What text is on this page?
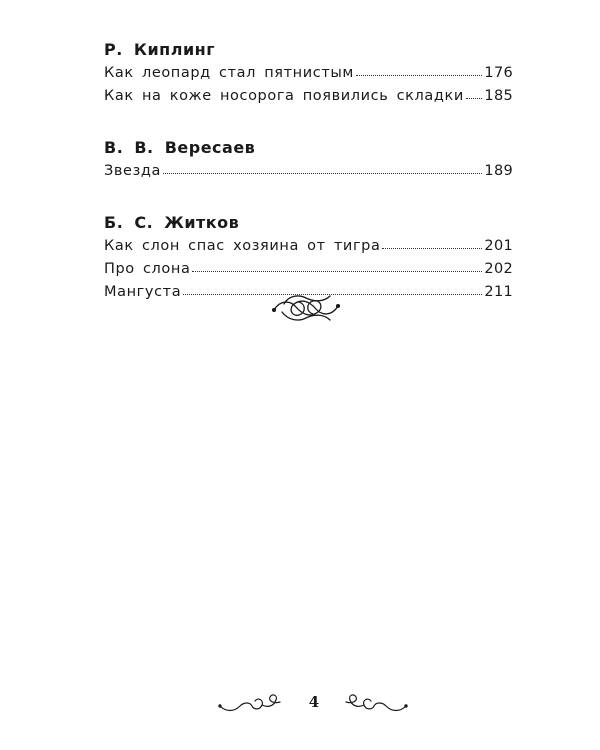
Р. Киплинг
Как леопард стал пятнистым	176
Как на коже носорога появились складки 185
В. В. Вересаев
Звезда	189
Б. С. Житков
Как слон спас хозяина от тигра	201
Про слона	202
Мангуста	211
4
